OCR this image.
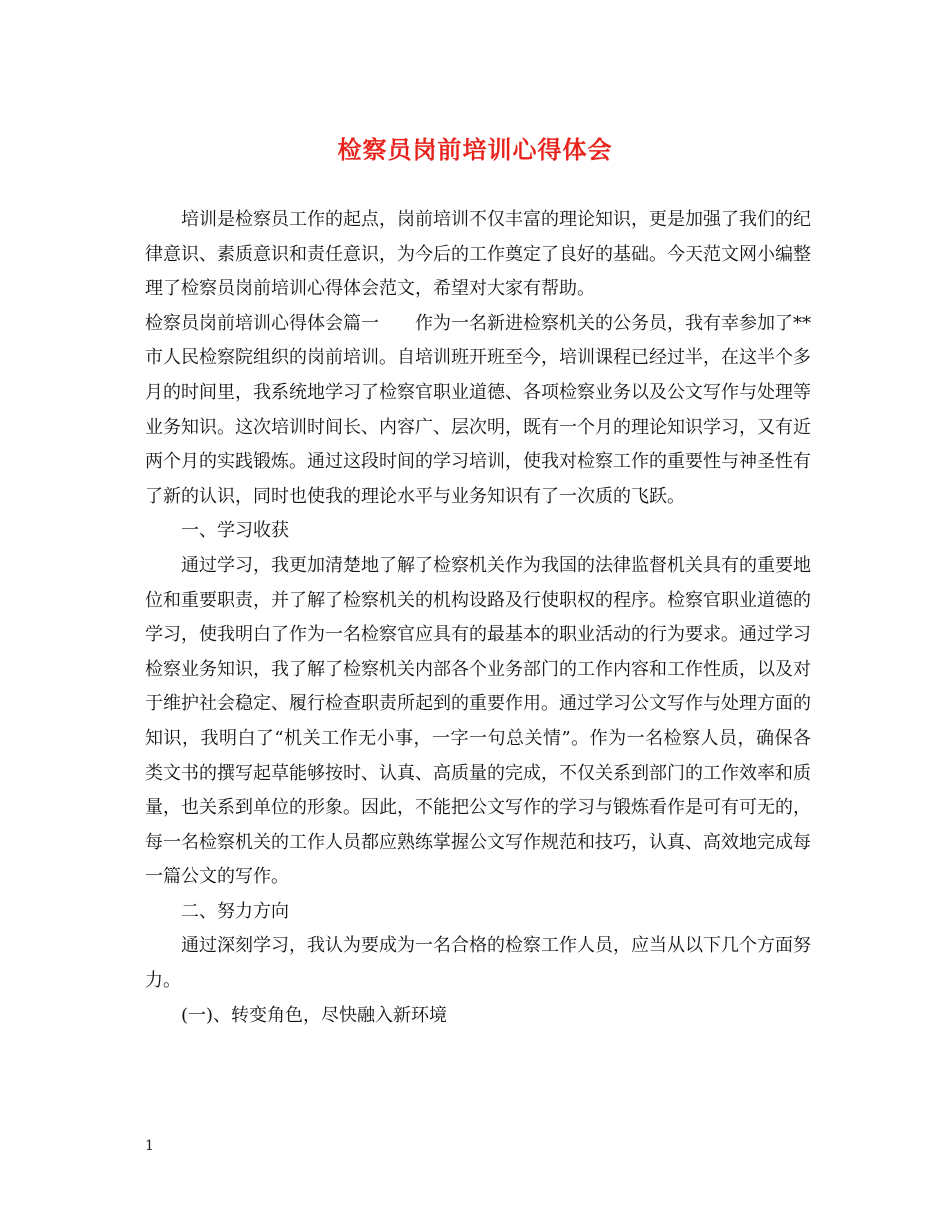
检察员岗前培训心得体会

培训是检察员工作的起点，岗前培训不仅丰富的理论知识，更是加强了我们的纪律意识、素质意识和责任意识，为今后的工作奠定了良好的基础。今天范文网小编整理了检察员岗前培训心得体会范文，希望对大家有帮助。

检察员岗前培训心得体会篇一　　作为一名新进检察机关的公务员，我有幸参加了**市人民检察院组织的岗前培训。自培训班开班至今，培训课程已经过半，在这半个多月的时间里，我系统地学习了检察官职业道德、各项检察业务以及公文写作与处理等业务知识。这次培训时间长、内容广、层次明，既有一个月的理论知识学习，又有近两个月的实践锻炼。通过这段时间的学习培训，使我对检察工作的重要性与神圣性有了新的认识，同时也使我的理论水平与业务知识有了一次质的飞跃。

一、学习收获

通过学习，我更加清楚地了解了检察机关作为我国的法律监督机关具有的重要地位和重要职责，并了解了检察机关的机构设路及行使职权的程序。检察官职业道德的学习，使我明白了作为一名检察官应具有的最基本的职业活动的行为要求。通过学习检察业务知识，我了解了检察机关内部各个业务部门的工作内容和工作性质，以及对于维护社会稳定、履行检查职责所起到的重要作用。通过学习公文写作与处理方面的知识，我明白了“机关工作无小事，一字一句总关情”。作为一名检察人员，确保各类文书的撰写起草能够按时、认真、高质量的完成，不仅关系到部门的工作效率和质量，也关系到单位的形象。因此，不能把公文写作的学习与锻炼看作是可有可无的，每一名检察机关的工作人员都应熟练掌握公文写作规范和技巧，认真、高效地完成每一篇公文的写作。

二、努力方向

通过深刻学习，我认为要成为一名合格的检察工作人员，应当从以下几个方面努力。

(一)、转变角色，尽快融入新环境

1
